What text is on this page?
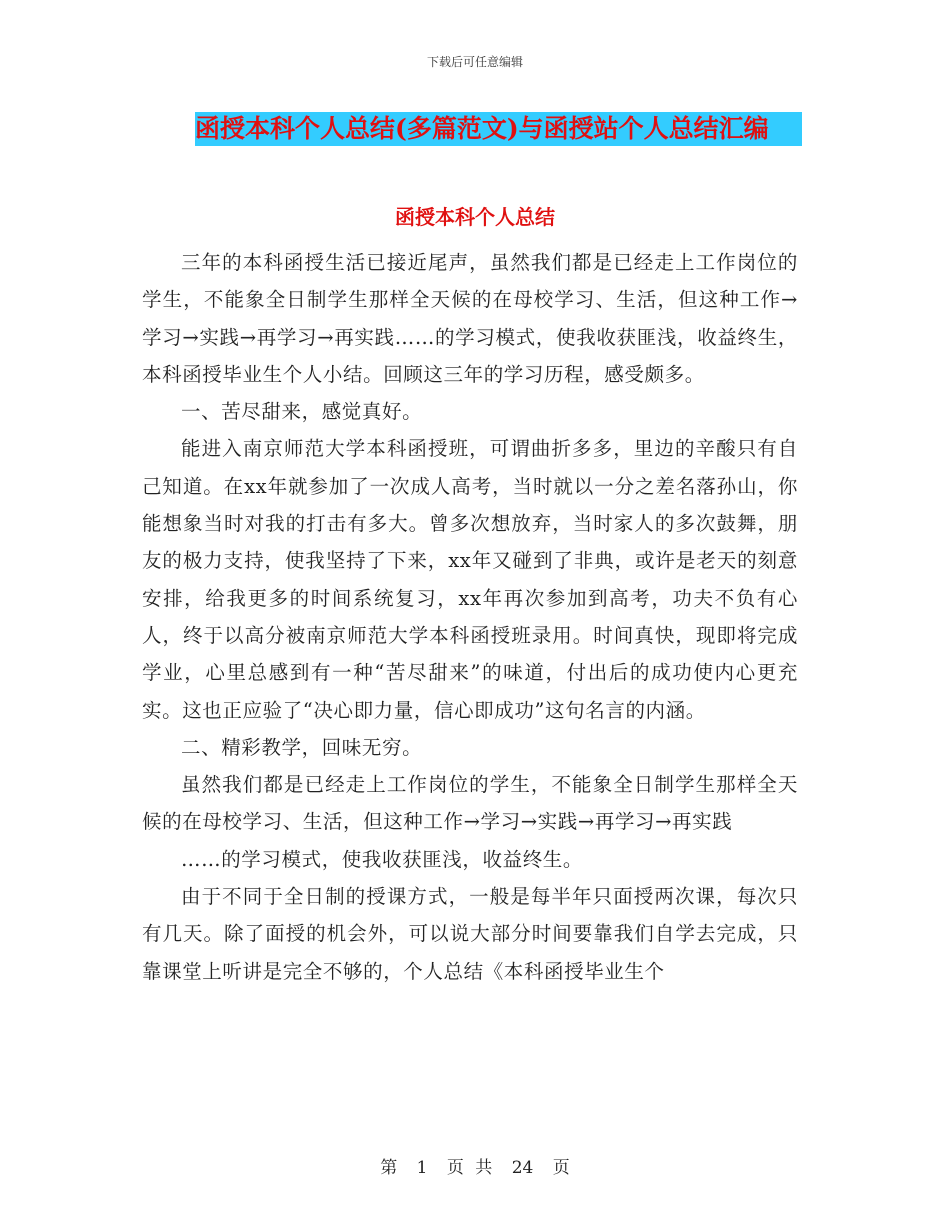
下载后可任意编辑
函授本科个人总结(多篇范文)与函授站个人总结汇编
函授本科个人总结

三年的本科函授生活已接近尾声，虽然我们都是已经走上工作岗位的学生，不能象全日制学生那样全天候的在母校学习、生活，但这种工作→学习→实践→再学习→再实践……的学习模式，使我收获匪浅，收益终生，本科函授毕业生个人小结。回顾这三年的学习历程，感受颇多。

一、苦尽甜来，感觉真好。

能进入南京师范大学本科函授班，可谓曲折多多，里边的辛酸只有自己知道。在xx年就参加了一次成人高考，当时就以一分之差名落孙山，你能想象当时对我的打击有多大。曾多次想放弃，当时家人的多次鼓舞，朋友的极力支持，使我坚持了下来，xx年又碰到了非典，或许是老天的刻意安排，给我更多的时间系统复习，xx年再次参加到高考，功夫不负有心人，终于以高分被南京师范大学本科函授班录用。时间真快，现即将完成学业，心里总感到有一种“苦尽甜来”的味道，付出后的成功使内心更充实。这也正应验了“决心即力量，信心即成功”这句名言的内涵。

二、精彩教学，回味无穷。

虽然我们都是已经走上工作岗位的学生，不能象全日制学生那样全天候的在母校学习、生活，但这种工作→学习→实践→再学习→再实践

……的学习模式，使我收获匪浅，收益终生。

由于不同于全日制的授课方式，一般是每半年只面授两次课，每次只有几天。除了面授的机会外，可以说大部分时间要靠我们自学去完成，只靠课堂上听讲是完全不够的，个人总结《本科函授毕业生个

第 1 页 共 24 页
